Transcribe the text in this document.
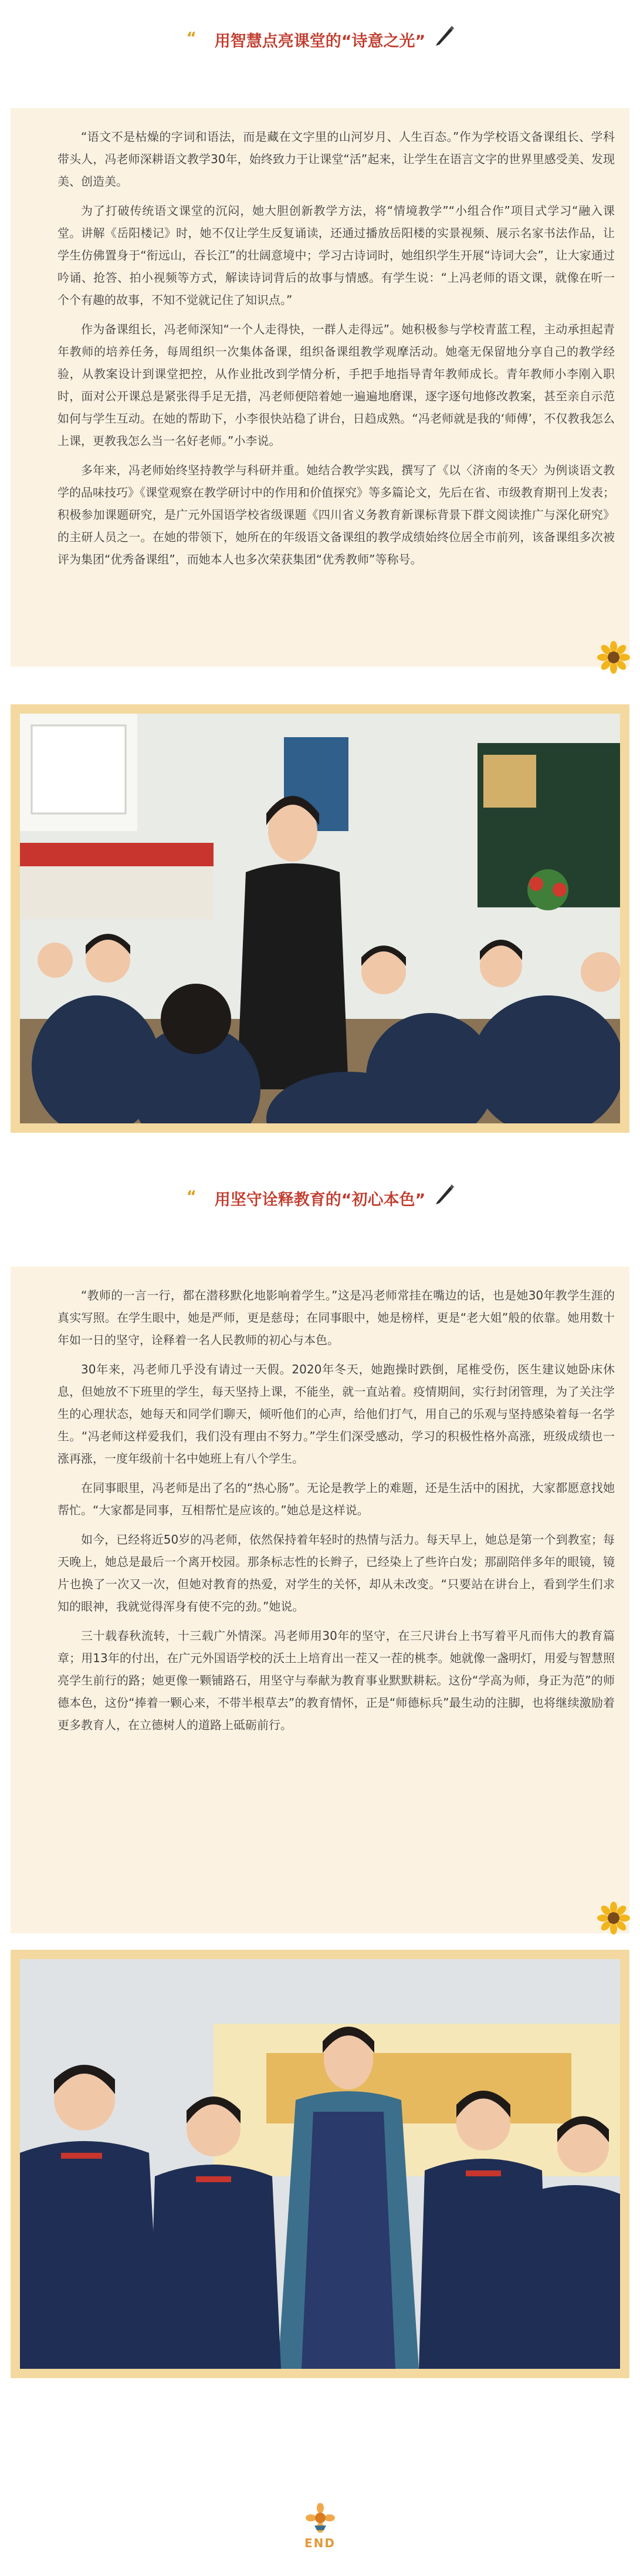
“ 用智慧点亮课堂的“诗意之光”

“语文不是枯燥的字词和语法，而是藏在文字里的山河岁月、人生百态。”作为学校语文备课组长、学科带头人，冯老师深耕语文教学30年，始终致力于让课堂“活”起来，让学生在语言文字的世界里感受美、发现美、创造美。

为了打破传统语文课堂的沉闷，她大胆创新教学方法，将“情境教学”“小组合作”项目式学习“融入课堂。讲解《岳阳楼记》时，她不仅让学生反复诵读，还通过播放岳阳楼的实景视频、展示名家书法作品，让学生仿佛置身于“衔远山，吞长江”的壮阔意境中；学习古诗词时，她组织学生开展“诗词大会”，让大家通过吟诵、抢答、拍小视频等方式，解读诗词背后的故事与情感。有学生说：“上冯老师的语文课，就像在听一个个有趣的故事，不知不觉就记住了知识点。”

作为备课组长，冯老师深知“一个人走得快，一群人走得远”。她积极参与学校青蓝工程，主动承担起青年教师的培养任务，每周组织一次集体备课，组织备课组教学观摩活动。她毫无保留地分享自己的教学经验，从教案设计到课堂把控，从作业批改到学情分析，手把手地指导青年教师成长。青年教师小李刚入职时，面对公开课总是紧张得手足无措，冯老师便陪着她一遍遍地磨课，逐字逐句地修改教案，甚至亲自示范如何与学生互动。在她的帮助下，小李很快站稳了讲台，日趋成熟。“冯老师就是我的‘师傅’，不仅教我怎么上课，更教我怎么当一名好老师。”小李说。

多年来，冯老师始终坚持教学与科研并重。她结合教学实践，撰写了《以〈济南的冬天〉为例谈语文教学的品味技巧》《课堂观察在教学研讨中的作用和价值探究》等多篇论文，先后在省、市级教育期刊上发表；积极参加课题研究，是广元外国语学校省级课题《四川省义务教育新课标背景下群文阅读推广与深化研究》的主研人员之一。在她的带领下，她所在的年级语文备课组的教学成绩始终位居全市前列，该备课组多次被评为集团“优秀备课组”，而她本人也多次荣获集团“优秀教师”等称号。

“ 用坚守诠释教育的“初心本色”

“教师的一言一行，都在潜移默化地影响着学生。”这是冯老师常挂在嘴边的话，也是她30年教学生涯的真实写照。在学生眼中，她是严师，更是慈母；在同事眼中，她是榜样，更是“老大姐”般的依靠。她用数十年如一日的坚守，诠释着一名人民教师的初心与本色。

30年来，冯老师几乎没有请过一天假。2020年冬天，她跑操时跌倒，尾椎受伤，医生建议她卧床休息，但她放不下班里的学生，每天坚持上课，不能坐，就一直站着。疫情期间，实行封闭管理，为了关注学生的心理状态，她每天和同学们聊天，倾听他们的心声，给他们打气，用自己的乐观与坚持感染着每一名学生。“冯老师这样爱我们，我们没有理由不努力。”学生们深受感动，学习的积极性格外高涨，班级成绩也一涨再涨，一度年级前十名中她班上有八个学生。

在同事眼里，冯老师是出了名的“热心肠”。无论是教学上的难题，还是生活中的困扰，大家都愿意找她帮忙。“大家都是同事，互相帮忙是应该的。”她总是这样说。

如今，已经将近50岁的冯老师，依然保持着年轻时的热情与活力。每天早上，她总是第一个到教室；每天晚上，她总是最后一个离开校园。那条标志性的长辫子，已经染上了些许白发；那副陪伴多年的眼镜，镜片也换了一次又一次，但她对教育的热爱，对学生的关怀，却从未改变。“只要站在讲台上，看到学生们求知的眼神，我就觉得浑身有使不完的劲。”她说。

三十载春秋流转，十三载广外情深。冯老师用30年的坚守，在三尺讲台上书写着平凡而伟大的教育篇章；用13年的付出，在广元外国语学校的沃土上培育出一茬又一茬的桃李。她就像一盏明灯，用爱与智慧照亮学生前行的路；她更像一颗铺路石，用坚守与奉献为教育事业默默耕耘。这份“学高为师，身正为范”的师德本色，这份“捧着一颗心来，不带半根草去”的教育情怀，正是“师德标兵”最生动的注脚，也将继续激励着更多教育人，在立德树人的道路上砥砺前行。

END
